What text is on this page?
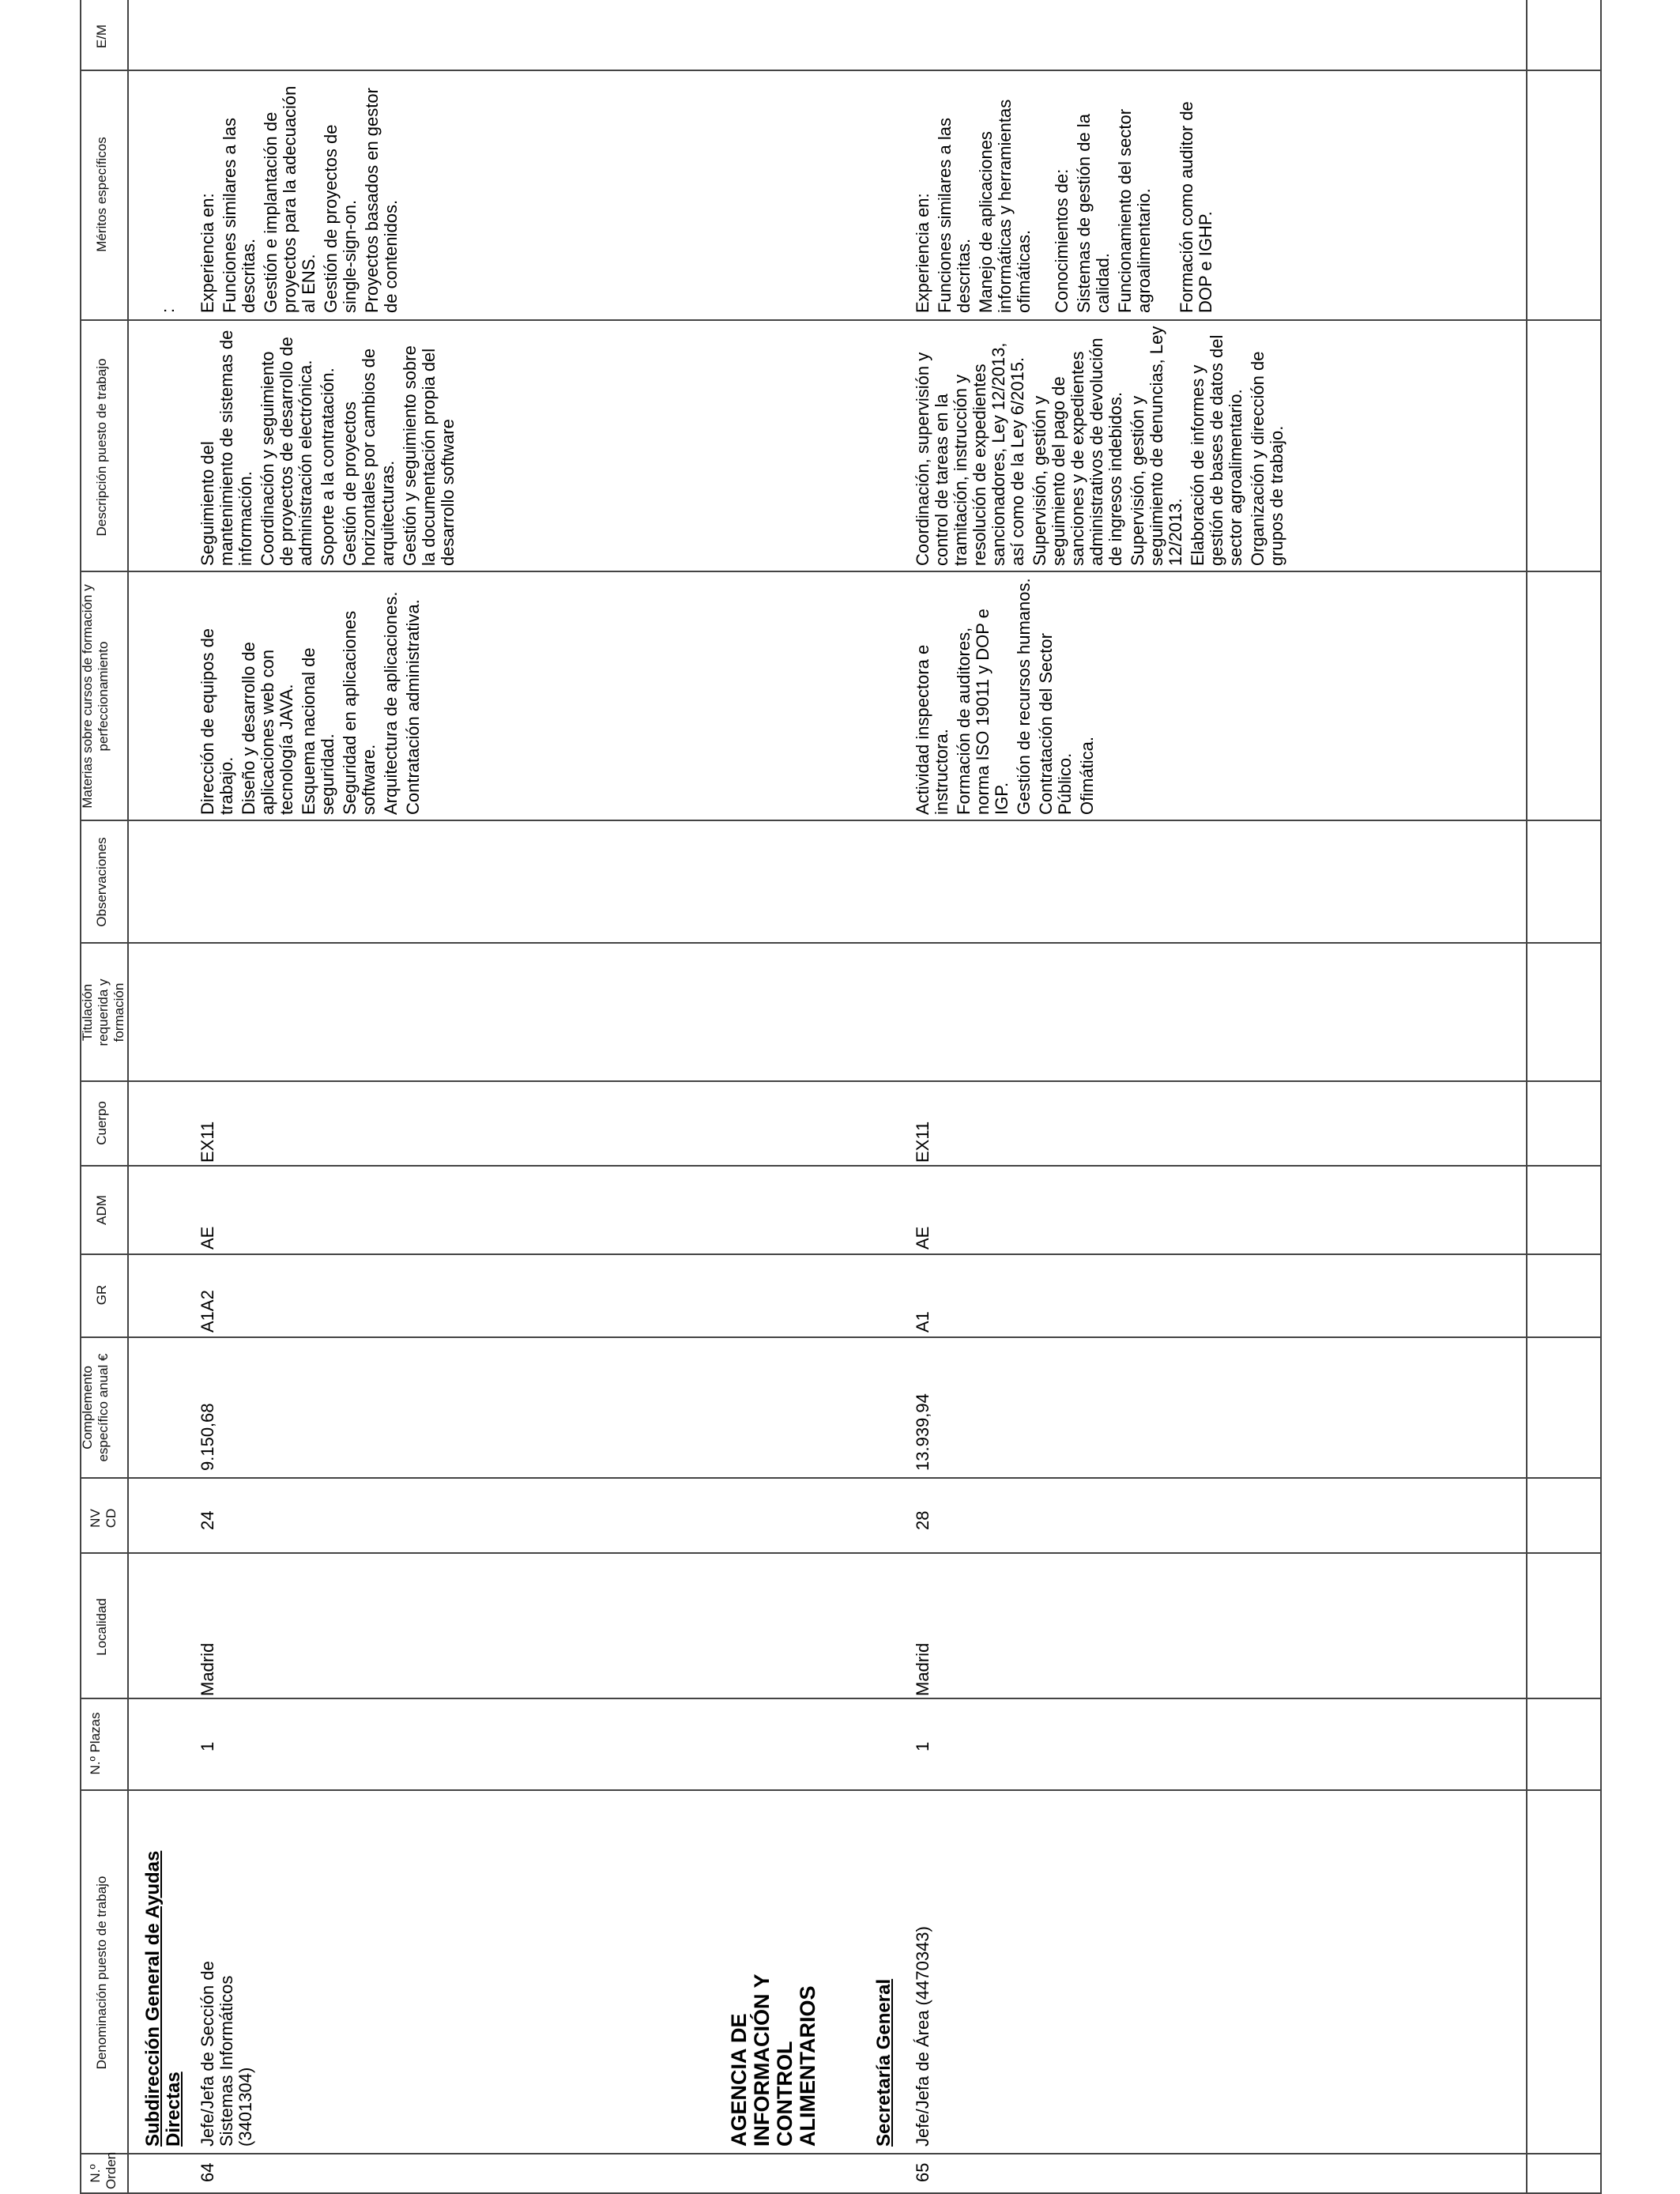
N.º Orden
Denominación puesto de trabajo
N.º Plazas
Localidad
NV CD
Complemento específico anual €
GR
ADM
Cuerpo
Titulación requerida y formación
Observaciones
Materias sobre cursos de formación y perfeccionamiento
Descripción puesto de trabajo
Méritos específicos
E/M
:
Subdirección General de Ayudas Directas
64
Jefe/Jefa de Sección de Sistemas Informáticos (3401304)
1
Madrid
24
9.150,68
A1A2
AE
EX11

Dirección de equipos de trabajo. Diseño y desarrollo de aplicaciones web con tecnología JAVA. Esquema nacional de seguridad. Seguridad en aplicaciones software. Arquitectura de aplicaciones. Contratación administrativa.

Seguimiento del mantenimiento de sistemas de información. Coordinación y seguimiento de proyectos de desarrollo de administración electrónica. Soporte a la contratación. Gestión de proyectos horizontales por cambios de arquitecturas. Gestión y seguimiento sobre la documentación propia del desarrollo software

Experiencia en: Funciones similares a las descritas. Gestión e implantación de proyectos para la adecuación al ENS. Gestión de proyectos de single-sign-on. Proyectos basados en gestor de contenidos.

AGENCIA DE INFORMACIÓN Y CONTROL ALIMENTARIOS	Secretaría General
65
Jefe/Jefa de Área (4470343)
1
Madrid
28
13.939,94
A1
AE
EX11

Actividad inspectora e instructora. Formación de auditores, norma ISO 19011 y DOP e IGP. Gestión de recursos humanos. Contratación del Sector Público. Ofimática.

Coordinación, supervisión y control de tareas en la tramitación, instrucción y resolución de expedientes sancionadores, Ley 12/2013, así como de la Ley 6/2015. Supervisión, gestión y seguimiento del pago de sanciones y de expedientes administrativos de devolución de ingresos indebidos. Supervisión, gestión y seguimiento de denuncias, Ley 12/2013. Elaboración de informes y gestión de bases de datos del sector agroalimentario. Organización y dirección de grupos de trabajo.

Experiencia en: Funciones similares a las descritas. Manejo de aplicaciones informáticas y herramientas ofimáticas. Conocimientos de: Sistemas de gestión de la calidad. Funcionamiento del sector agroalimentario. Formación como auditor de DOP e IGHP.
